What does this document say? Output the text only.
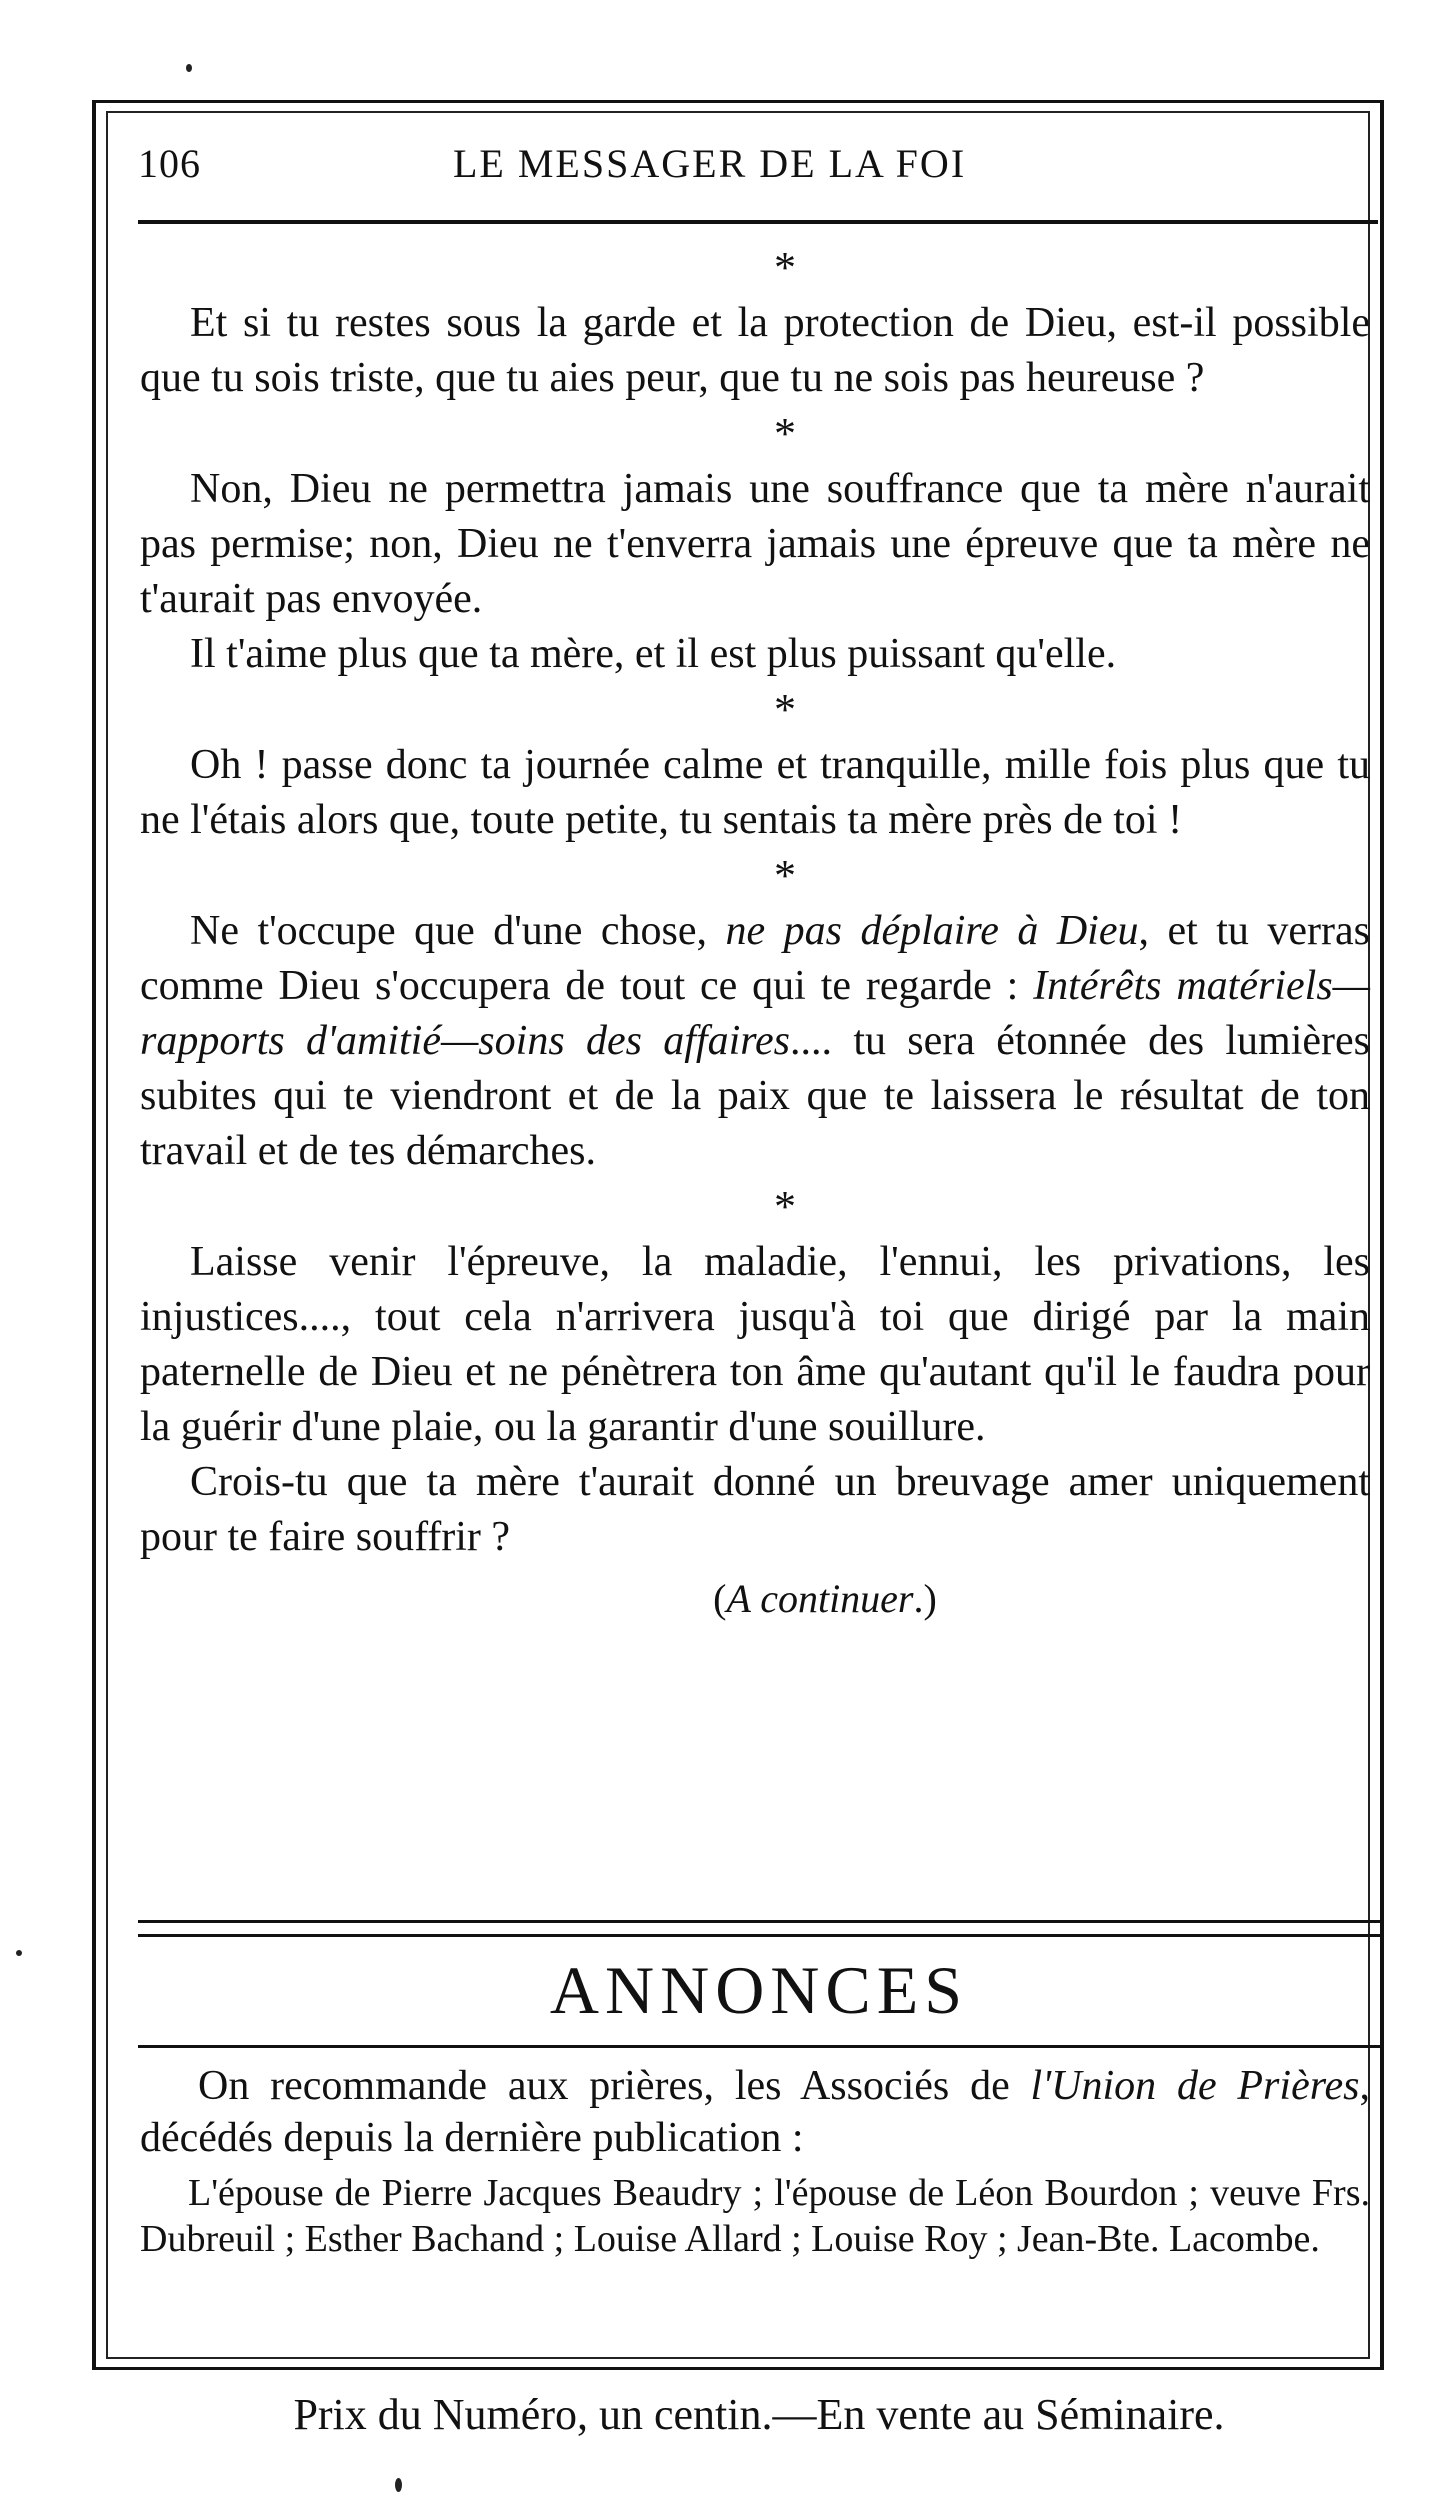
106	LE MESSAGER DE LA FOI
*

Et si tu restes sous la garde et la protection de Dieu, est-il possible que tu sois triste, que tu aies peur, que tu ne sois pas heureuse ?

*

Non, Dieu ne permettra jamais une souffrance que ta mère n'aurait pas permise; non, Dieu ne t'enverra jamais une épreuve que ta mère ne t'aurait pas envoyée.

Il t'aime plus que ta mère, et il est plus puissant qu'elle.

*

Oh ! passe donc ta journée calme et tranquille, mille fois plus que tu ne l'étais alors que, toute petite, tu sentais ta mère près de toi !

*

Ne t'occupe que d'une chose, ne pas déplaire à Dieu, et tu verras comme Dieu s'occupera de tout ce qui te regarde : Intérêts matériels—rapports d'amitié—soins des affaires.... tu sera étonnée des lumières subites qui te viendront et de la paix que te laissera le résultat de ton travail et de tes démarches.

*

Laisse venir l'épreuve, la maladie, l'ennui, les privations, les injustices...., tout cela n'arrivera jusqu'à toi que dirigé par la main paternelle de Dieu et ne pénètrera ton âme qu'autant qu'il le faudra pour la guérir d'une plaie, ou la garantir d'une souillure.

Crois-tu que ta mère t'aurait donné un breuvage amer uniquement pour te faire souffrir ?

(A continuer.)
ANNONCES

On recommande aux prières, les Associés de l'Union de Prières, décédés depuis la dernière publication :

L'épouse de Pierre Jacques Beaudry ; l'épouse de Léon Bourdon ; veuve Frs. Dubreuil ; Esther Bachand ; Louise Allard ; Louise Roy ; Jean-Bte. Lacombe.

Prix du Numéro, un centin.—En vente au Séminaire.
